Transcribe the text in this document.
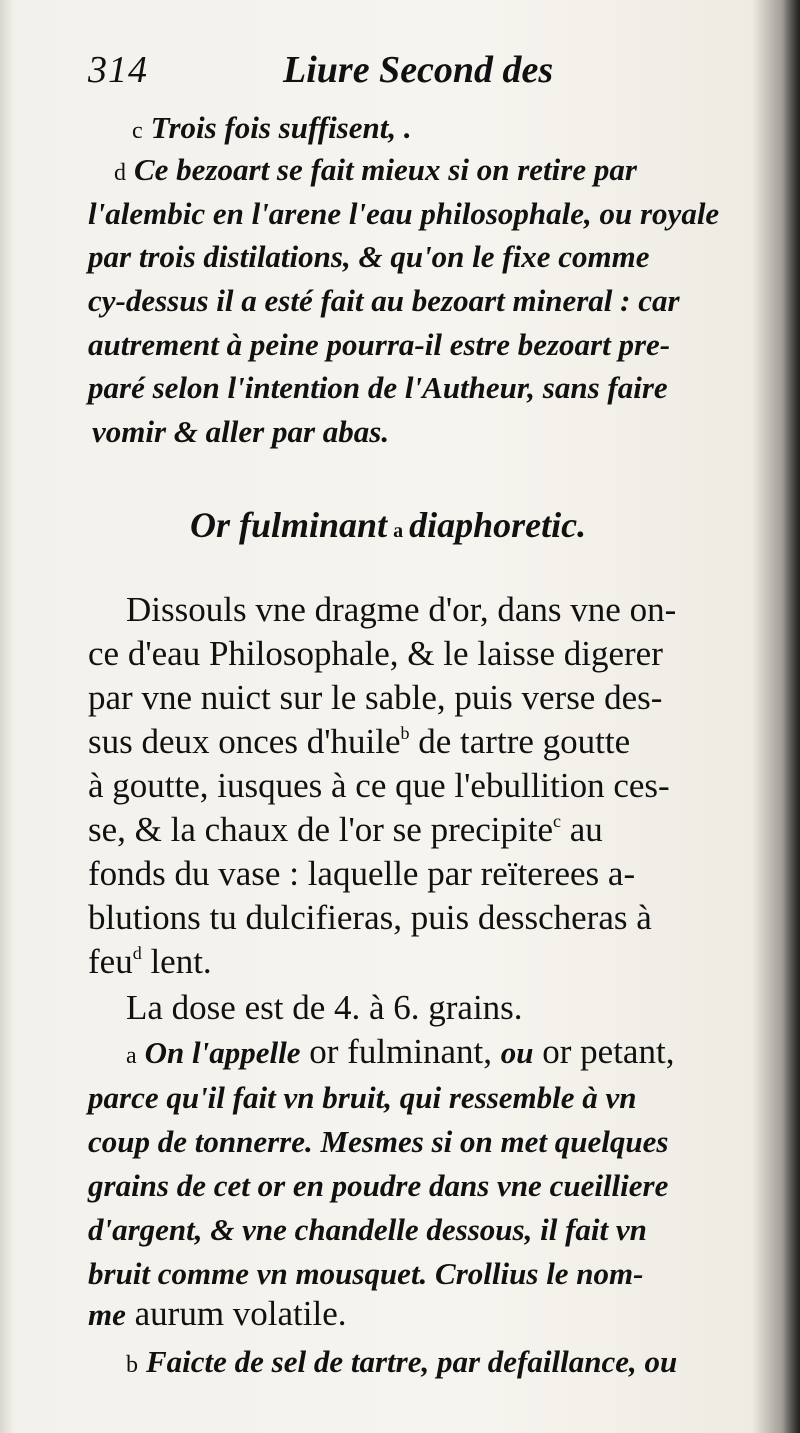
314	Liure Second des
c Trois fois suffisent, .
d Ce bezoart se fait mieux si on retire par
l'alembic en l'arene l'eau philosophale, ou royale
par trois distilations, & qu'on le fixe comme
cy-dessus il a esté fait au bezoart mineral : car
autrement à peine pourra-il estre bezoart pre-
paré selon l'intention de l'Autheur, sans faire
vomir & aller par abas.
Or fulminant a diaphoretic.
Dissouls vne dragme d'or, dans vne on-
ce d'eau Philosophale, & le laisse digerer
par vne nuict sur le sable, puis verse des-
sus deux onces d'huile$^b$ de tartre goutte
à goutte, iusques à ce que l'ebullition ces-
se, & la chaux de l'or se precipite$^c$ au
fonds du vase : laquelle par reïterees a-
blutions tu dulcifieras, puis desscheras à
feu$^d$ lent.
La dose est de 4. à 6. grains.
a On l'appelle or fulminant, ou or petant,
parce qu'il fait vn bruit, qui ressemble à vn
coup de tonnerre. Mesmes si on met quelques
grains de cet or en poudre dans vne cueilliere
d'argent, & vne chandelle dessous, il fait vn
bruit comme vn mousquet. Crollius le nom-
me aurum volatile.
b Faicte de sel de tartre, par defaillance, ou
